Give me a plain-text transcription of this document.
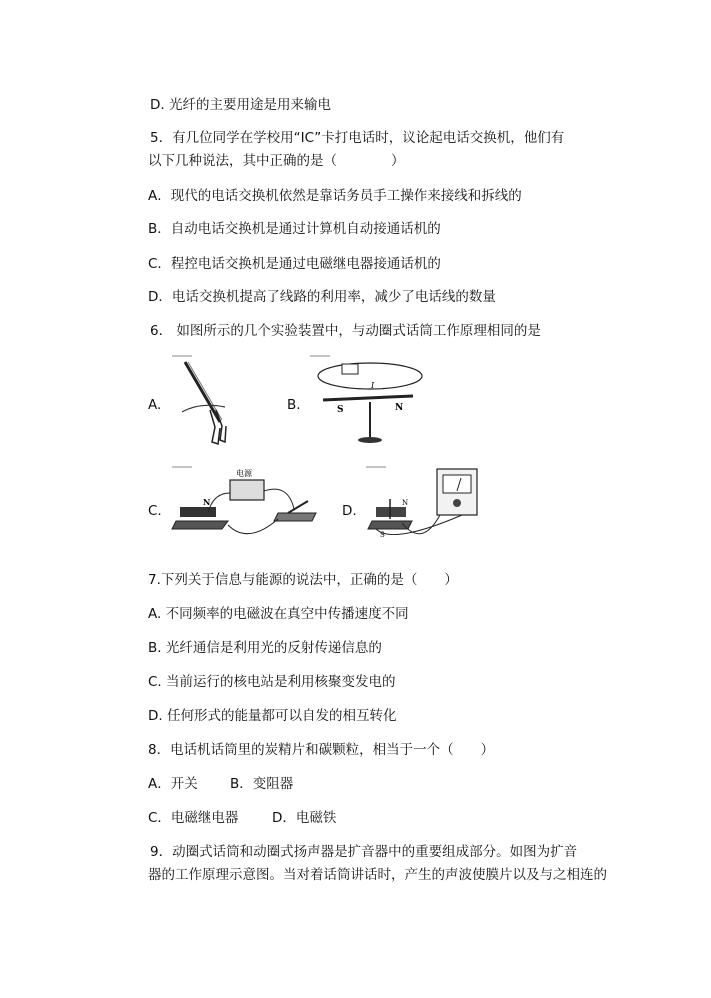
D. 光纤的主要用途是用来输电
5．有几位同学在学校用“IC”卡打电话时，议论起电话交换机，他们有
以下几种说法，其中正确的是（　　　　）
A．现代的电话交换机依然是靠话务员手工操作来接线和拆线的
B．自动电话交换机是通过计算机自动接通话机的
C．程控电话交换机是通过电磁继电器接通话机的
D．电话交换机提高了线路的利用率，减少了电话线的数量
6． 如图所示的几个实验装置中，与动圈式话筒工作原理相同的是
A.	B.	S	N
I
C.
电源
N
D.	N
S
7.下列关于信息与能源的说法中，正确的是（　　）
A. 不同频率的电磁波在真空中传播速度不同
B. 光纤通信是利用光的反射传递信息的
C. 当前运行的核电站是利用核聚变发电的
D. 任何形式的能量都可以自发的相互转化
8．电话机话筒里的炭精片和碳颗粒，相当于一个（　　）
A．开关 B．变阻器
C．电磁继电器 D．电磁铁
9．动圈式话筒和动圈式扬声器是扩音器中的重要组成部分。如图为扩音
器的工作原理示意图。当对着话筒讲话时，产生的声波使膜片以及与之相连的
